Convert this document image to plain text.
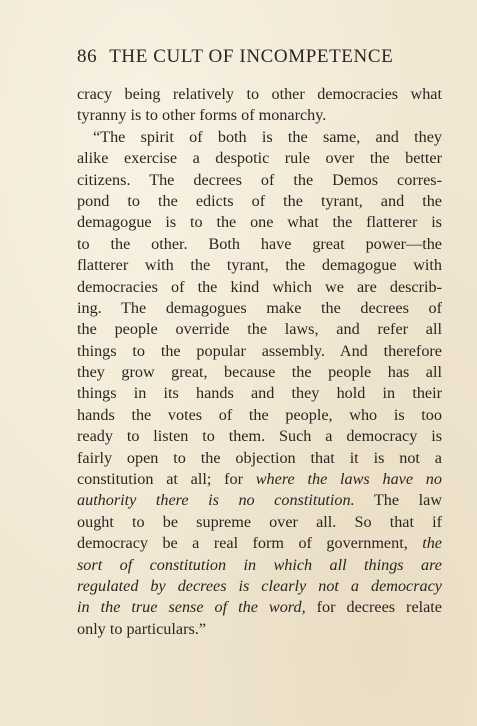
86 THE CULT OF INCOMPETENCE
cracy being relatively to other democracies what
tyranny is to other forms of monarchy.
“The spirit of both is the same, and they
alike exercise a despotic rule over the better
citizens. The decrees of the Demos corres-
pond to the edicts of the tyrant, and the
demagogue is to the one what the flatterer is
to the other. Both have great power—the
flatterer with the tyrant, the demagogue with
democracies of the kind which we are describ-
ing. The demagogues make the decrees of
the people override the laws, and refer all
things to the popular assembly. And therefore
they grow great, because the people has all
things in its hands and they hold in their
hands the votes of the people, who is too
ready to listen to them. Such a democracy is
fairly open to the objection that it is not a
constitution at all; for where the laws have no
authority there is no constitution. The law
ought to be supreme over all. So that if
democracy be a real form of government, the
sort of constitution in which all things are
regulated by decrees is clearly not a democracy
in the true sense of the word, for decrees relate
only to particulars.”
